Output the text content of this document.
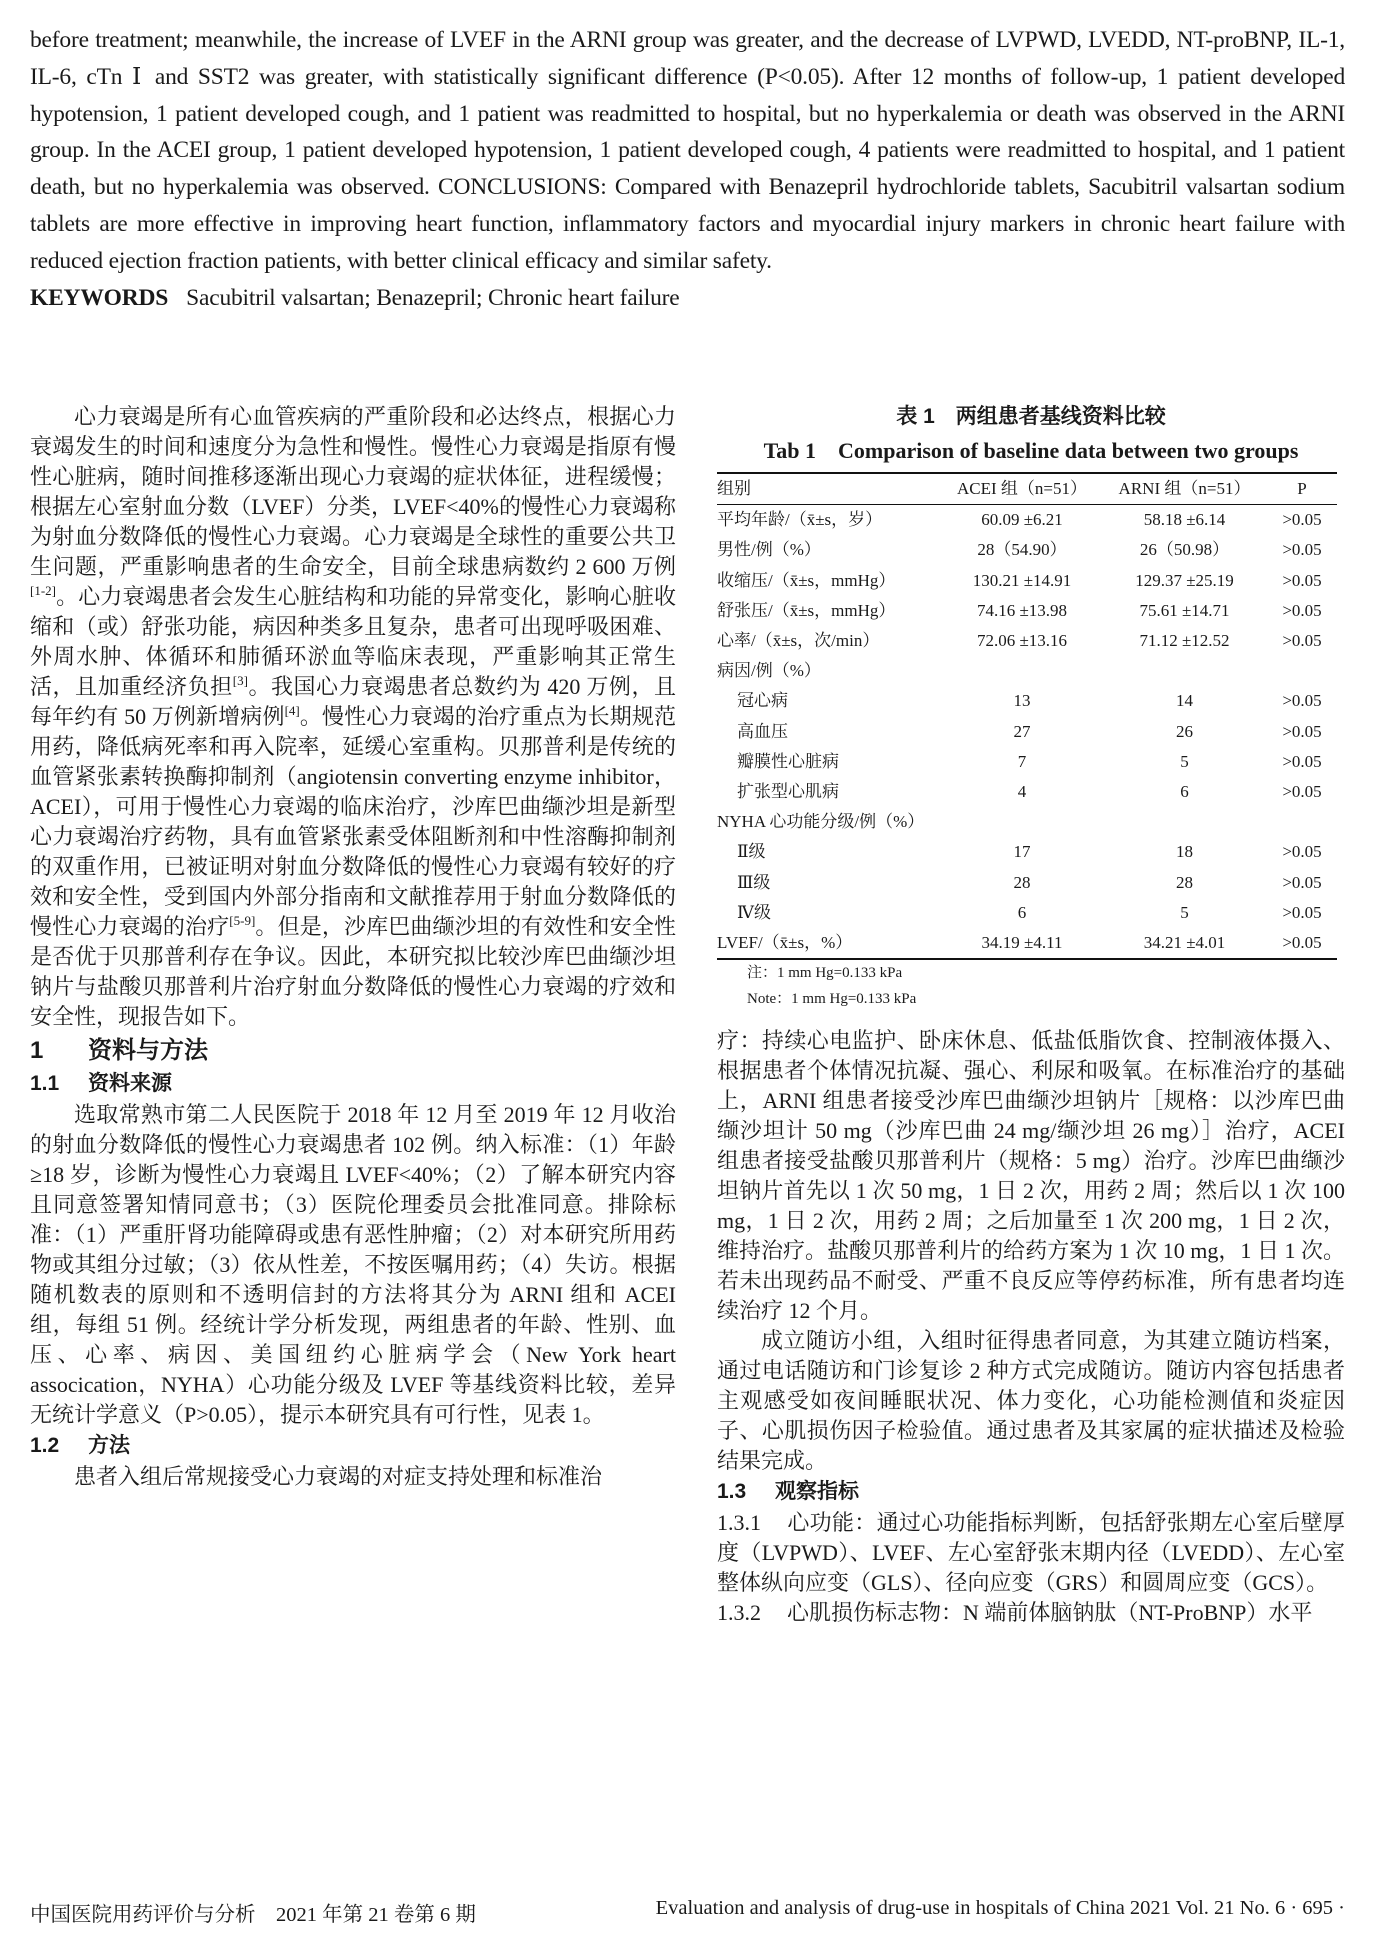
before treatment; meanwhile, the increase of LVEF in the ARNI group was greater, and the decrease of LVPWD, LVEDD, NT-proBNP, IL-1, IL-6, cTn Ⅰ and SST2 was greater, with statistically significant difference (P<0.05). After 12 months of follow-up, 1 patient developed hypotension, 1 patient developed cough, and 1 patient was readmitted to hospital, but no hyperkalemia or death was observed in the ARNI group. In the ACEI group, 1 patient developed hypotension, 1 patient developed cough, 4 patients were readmitted to hospital, and 1 patient death, but no hyperkalemia was observed. CONCLUSIONS: Compared with Benazepril hydrochloride tablets, Sacubitril valsartan sodium tablets are more effective in improving heart function, inflammatory factors and myocardial injury markers in chronic heart failure with reduced ejection fraction patients, with better clinical efficacy and similar safety.

KEYWORDS Sacubitril valsartan; Benazepril; Chronic heart failure

心力衰竭是所有心血管疾病的严重阶段和必达终点，根据心力衰竭发生的时间和速度分为急性和慢性。慢性心力衰竭是指原有慢性心脏病，随时间推移逐渐出现心力衰竭的症状体征，进程缓慢；根据左心室射血分数（LVEF）分类，LVEF<40%的慢性心力衰竭称为射血分数降低的慢性心力衰竭。心力衰竭是全球性的重要公共卫生问题，严重影响患者的生命安全，目前全球患病数约 2 600 万例[1-2]。心力衰竭患者会发生心脏结构和功能的异常变化，影响心脏收缩和（或）舒张功能，病因种类多且复杂，患者可出现呼吸困难、外周水肿、体循环和肺循环淤血等临床表现，严重影响其正常生活，且加重经济负担[3]。我国心力衰竭患者总数约为 420 万例，且每年约有 50 万例新增病例[4]。慢性心力衰竭的治疗重点为长期规范用药，降低病死率和再入院率，延缓心室重构。贝那普利是传统的血管紧张素转换酶抑制剂（angiotensin converting enzyme inhibitor，ACEI），可用于慢性心力衰竭的临床治疗，沙库巴曲缬沙坦是新型心力衰竭治疗药物，具有血管紧张素受体阻断剂和中性溶酶抑制剂的双重作用，已被证明对射血分数降低的慢性心力衰竭有较好的疗效和安全性，受到国内外部分指南和文献推荐用于射血分数降低的慢性心力衰竭的治疗[5-9]。但是，沙库巴曲缬沙坦的有效性和安全性是否优于贝那普利存在争议。因此，本研究拟比较沙库巴曲缬沙坦钠片与盐酸贝那普利片治疗射血分数降低的慢性心力衰竭的疗效和安全性，现报告如下。

1 资料与方法
1.1 资料来源

选取常熟市第二人民医院于 2018 年 12 月至 2019 年 12 月收治的射血分数降低的慢性心力衰竭患者 102 例。纳入标准：（1）年龄≥18 岁，诊断为慢性心力衰竭且 LVEF<40%；（2）了解本研究内容且同意签署知情同意书；（3）医院伦理委员会批准同意。排除标准：（1）严重肝肾功能障碍或患有恶性肿瘤；（2）对本研究所用药物或其组分过敏；（3）依从性差，不按医嘱用药；（4）失访。根据随机数表的原则和不透明信封的方法将其分为 ARNI 组和 ACEI 组，每组 51 例。经统计学分析发现，两组患者的年龄、性别、血压、心率、病因、美国纽约心脏病学会（New York heart assocication，NYHA）心功能分级及 LVEF 等基线资料比较，差异无统计学意义（P>0.05），提示本研究具有可行性，见表 1。

1.2 方法

患者入组后常规接受心力衰竭的对症支持处理和标准治

表 1　两组患者基线资料比较
Tab 1　Comparison of baseline data between two groups
组别	ACEI 组（n=51）	ARNI 组（n=51）	P
平均年龄/（x̄±s，岁）	60.09 ±6.21	58.18 ±6.14	>0.05
男性/例（%）	28（54.90）	26（50.98）	>0.05
收缩压/（x̄±s，mmHg）	130.21 ±14.91	129.37 ±25.19	>0.05
舒张压/（x̄±s，mmHg）	74.16 ±13.98	75.61 ±14.71	>0.05
心率/（x̄±s，次/min）	72.06 ±13.16	71.12 ±12.52	>0.05
病因/例（%）			
冠心病	13	14	>0.05
高血压	27	26	>0.05
瓣膜性心脏病	7	5	>0.05
扩张型心肌病	4	6	>0.05
NYHA 心功能分级/例（%）			
Ⅱ级	17	18	>0.05
Ⅲ级	28	28	>0.05
Ⅳ级	6	5	>0.05
LVEF/（x̄±s，%）	34.19 ±4.11	34.21 ±4.01	>0.05
注：1 mm Hg=0.133 kPa
Note：1 mm Hg=0.133 kPa

疗：持续心电监护、卧床休息、低盐低脂饮食、控制液体摄入、根据患者个体情况抗凝、强心、利尿和吸氧。在标准治疗的基础上，ARNI 组患者接受沙库巴曲缬沙坦钠片［规格：以沙库巴曲缬沙坦计 50 mg（沙库巴曲 24 mg/缬沙坦 26 mg）］治疗，ACEI 组患者接受盐酸贝那普利片（规格：5 mg）治疗。沙库巴曲缬沙坦钠片首先以 1 次 50 mg，1 日 2 次，用药 2 周；然后以 1 次 100 mg，1 日 2 次，用药 2 周；之后加量至 1 次 200 mg，1 日 2 次，维持治疗。盐酸贝那普利片的给药方案为 1 次 10 mg，1 日 1 次。若未出现药品不耐受、严重不良反应等停药标准，所有患者均连续治疗 12 个月。

成立随访小组，入组时征得患者同意，为其建立随访档案，通过电话随访和门诊复诊 2 种方式完成随访。随访内容包括患者主观感受如夜间睡眠状况、体力变化，心功能检测值和炎症因子、心肌损伤因子检验值。通过患者及其家属的症状描述及检验结果完成。

1.3 观察指标

1.3.1 心功能：通过心功能指标判断，包括舒张期左心室后壁厚度（LVPWD）、LVEF、左心室舒张末期内径（LVEDD）、左心室整体纵向应变（GLS）、径向应变（GRS）和圆周应变（GCS）。

1.3.2 心肌损伤标志物：N 端前体脑钠肽（NT-ProBNP）水平

中国医院用药评价与分析　2021 年第 21 卷第 6 期	Evaluation and analysis of drug-use in hospitals of China 2021 Vol. 21 No. 6 · 695 ·
